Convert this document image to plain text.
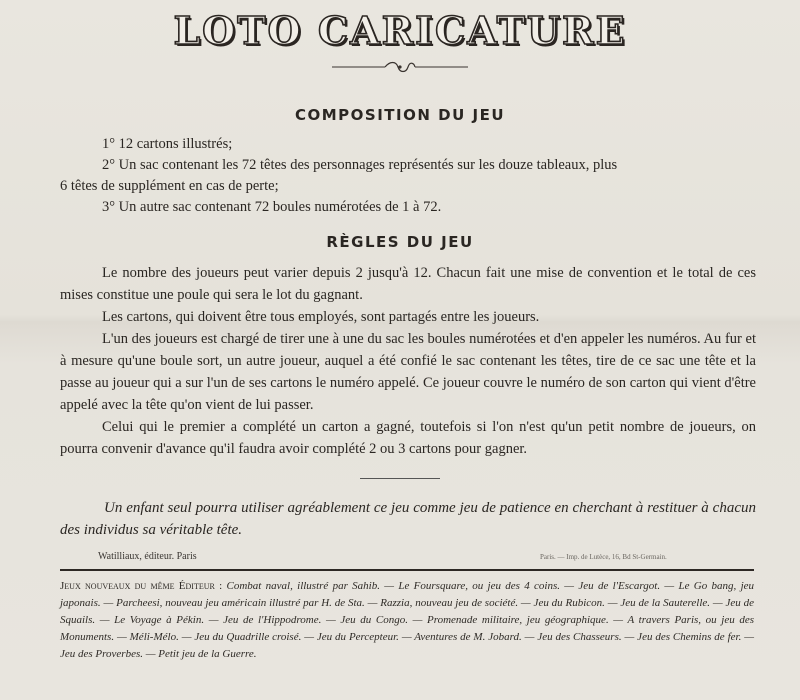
LOTO CARICATURE
COMPOSITION DU JEU
1° 12 cartons illustrés;
2° Un sac contenant les 72 têtes des personnages représentés sur les douze tableaux, plus
6 têtes de supplément en cas de perte;
3° Un autre sac contenant 72 boules numérotées de 1 à 72.
RÈGLES DU JEU

Le nombre des joueurs peut varier depuis 2 jusqu'à 12. Chacun fait une mise de convention et le total de ces mises constitue une poule qui sera le lot du gagnant.

Les cartons, qui doivent être tous employés, sont partagés entre les joueurs.

L'un des joueurs est chargé de tirer une à une du sac les boules numérotées et d'en appeler les numéros. Au fur et à mesure qu'une boule sort, un autre joueur, auquel a été confié le sac contenant les têtes, tire de ce sac une tête et la passe au joueur qui a sur l'un de ses cartons le numéro appelé. Ce joueur couvre le numéro de son carton qui vient d'être appelé avec la tête qu'on vient de lui passer.

Celui qui le premier a complété un carton a gagné, toutefois si l'on n'est qu'un petit nombre de joueurs, on pourra convenir d'avance qu'il faudra avoir complété 2 ou 3 cartons pour gagner.

Un enfant seul pourra utiliser agréablement ce jeu comme jeu de patience en cherchant à restituer à chacun des individus sa véritable tête.
Watilliaux, éditeur. Paris	Paris. — Imp. de Lutèce, 16, Bd St-Germain.
Jeux nouveaux du même Éditeur : Combat naval, illustré par Sahib. — Le Foursquare, ou jeu des 4 coins. — Jeu de l'Escargot. — Le Go bang, jeu japonais. — Parcheesi, nouveau jeu américain illustré par H. de Sta. — Razzia, nouveau jeu de société. — Jeu du Rubicon. — Jeu de la Sauterelle. — Jeu de Squails. — Le Voyage à Pékin. — Jeu de l'Hippodrome. — Jeu du Congo. — Promenade militaire, jeu géographique. — A travers Paris, ou jeu des Monuments. — Méli-Mélo. — Jeu du Quadrille croisé. — Jeu du Percepteur. — Aventures de M. Jobard. — Jeu des Chasseurs. — Jeu des Chemins de fer. — Jeu des Proverbes. — Petit jeu de la Guerre.
